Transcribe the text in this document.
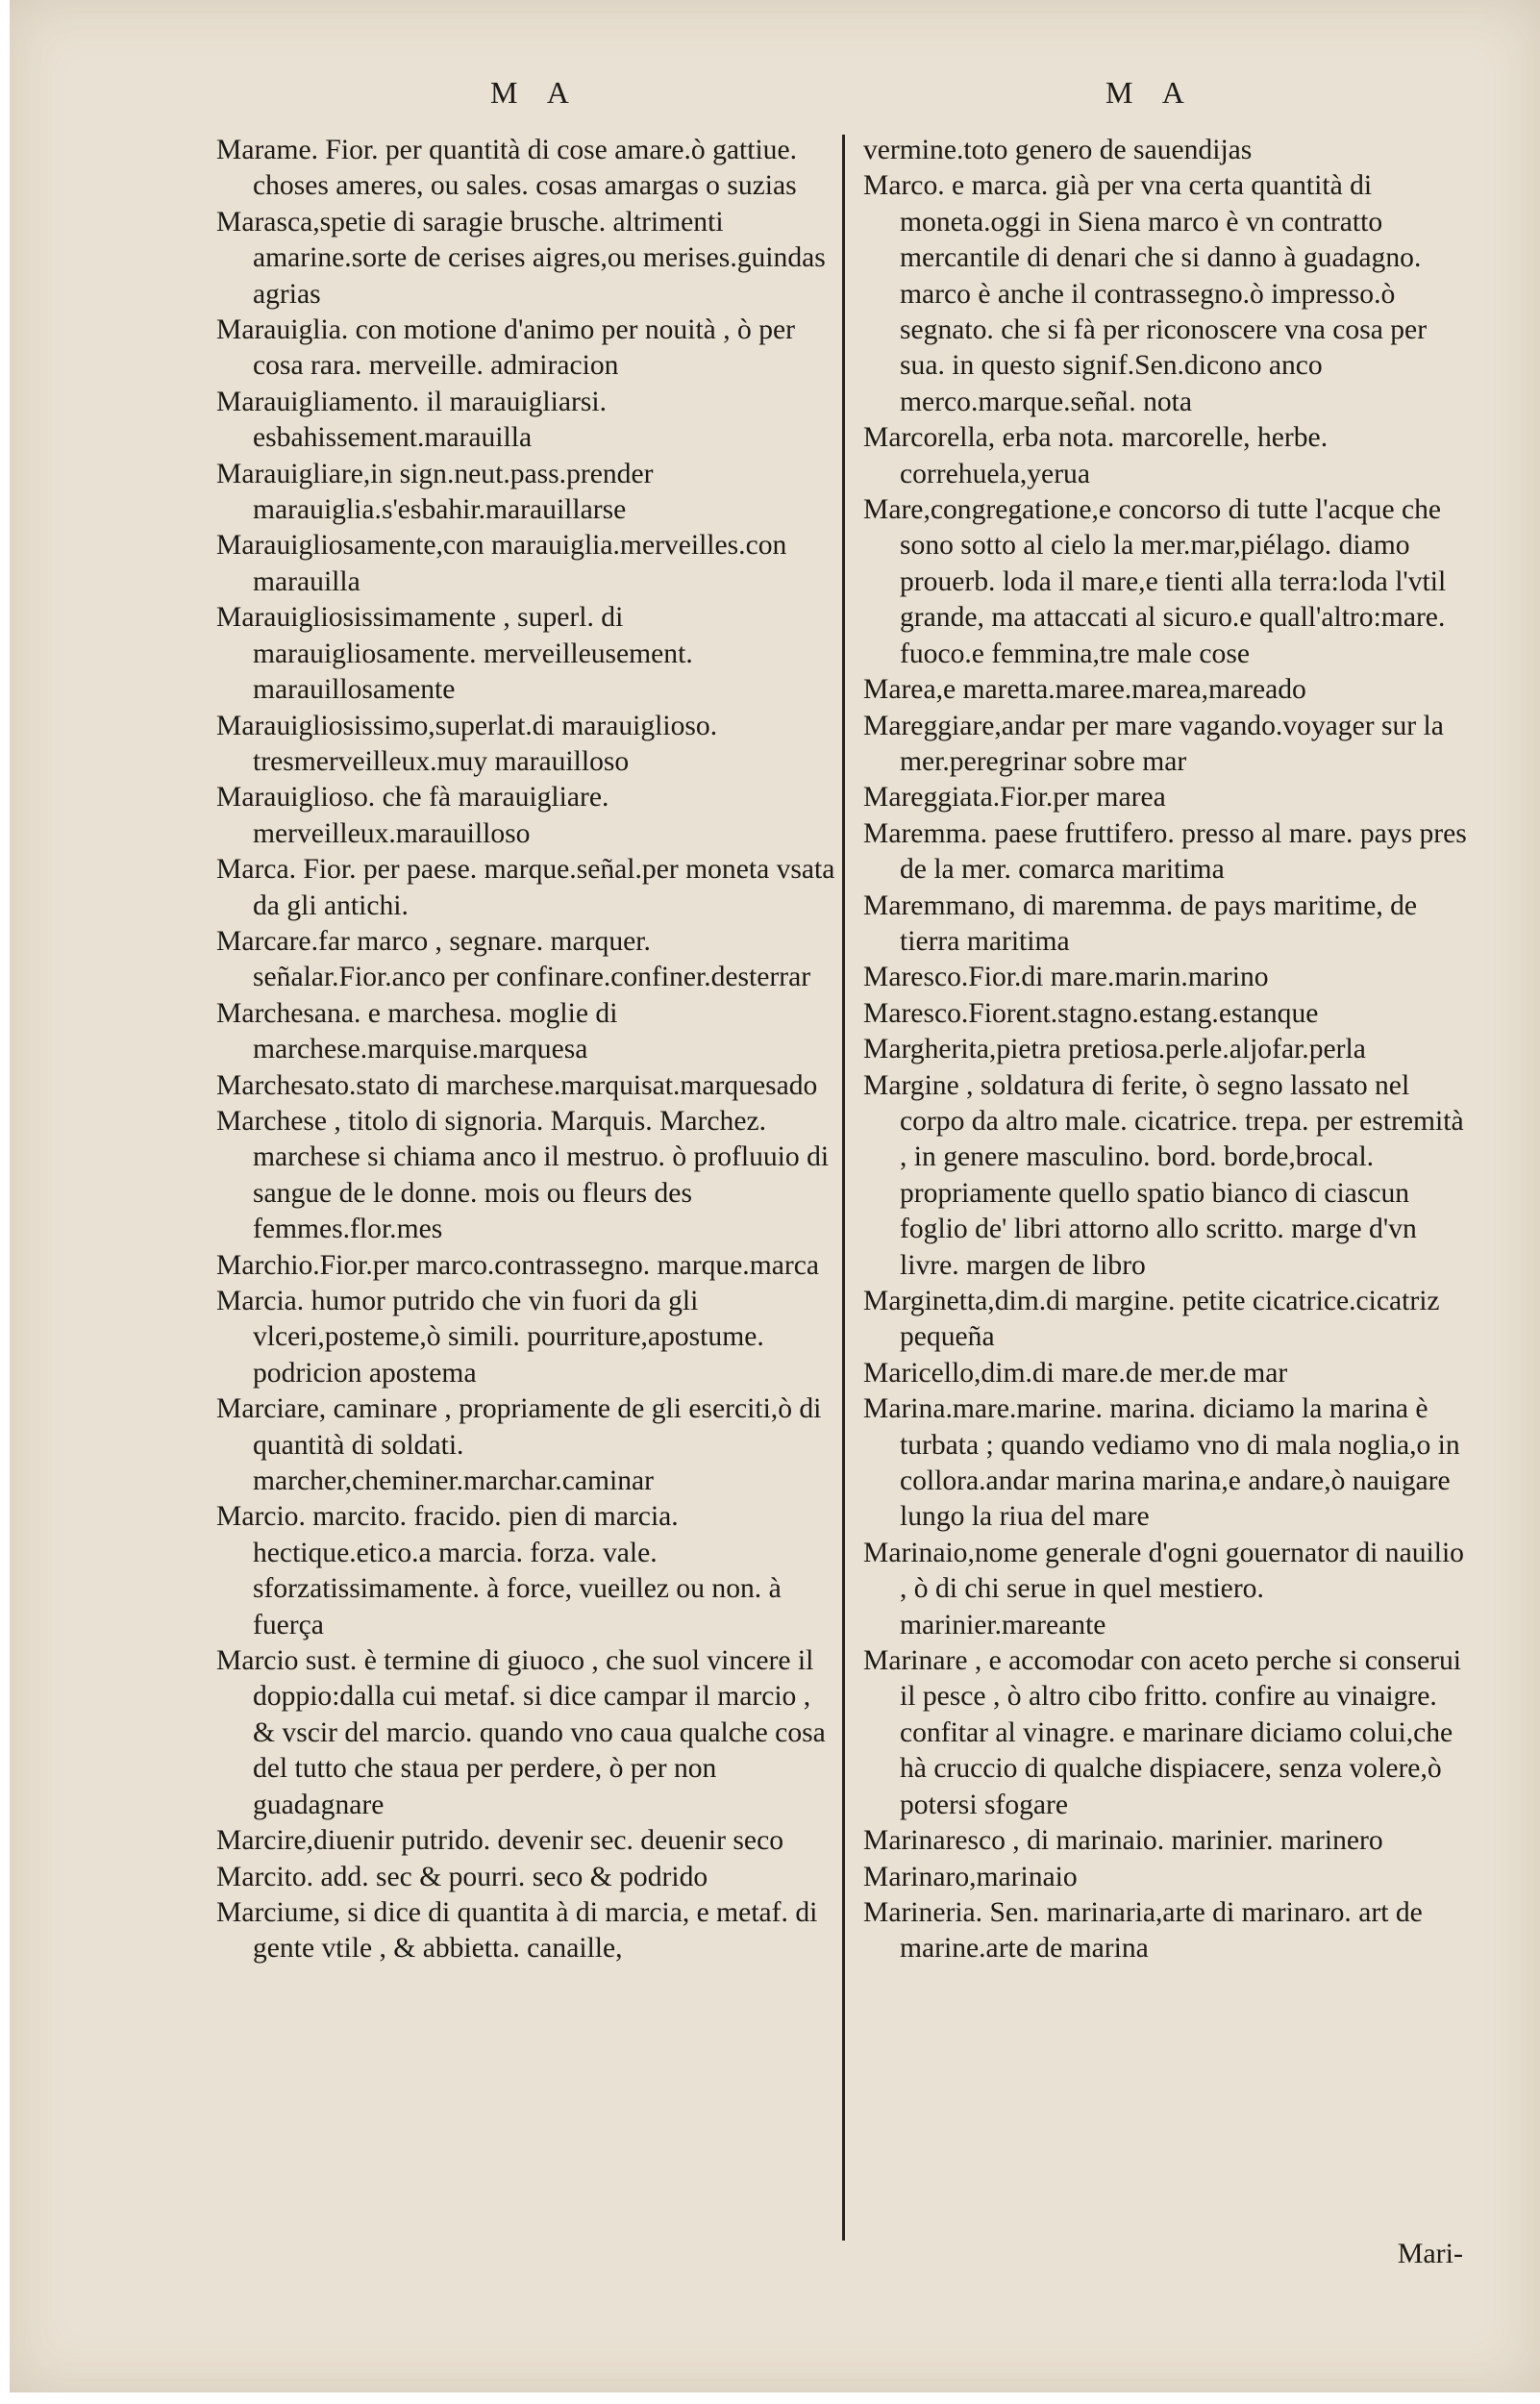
M A	M A

Marame. Fior. per quantità di cose amare.ò gattiue. choses ameres, ou sales. cosas amargas o suzias

Marasca,spetie di saragie brusche. altrimenti amarine.sorte de cerises aigres,ou merises.guindas agrias

Marauiglia. con motione d'animo per nouità , ò per cosa rara. merveille. admiracion

Marauigliamento. il marauigliarsi. esbahissement.marauilla

Marauigliare,in sign.neut.pass.prender marauiglia.s'esbahir.marauillarse

Marauigliosamente,con marauiglia.merveilles.con marauilla

Marauigliosissimamente , superl. di marauigliosamente. merveilleusement. marauillosamente

Marauigliosissimo,superlat.di marauiglioso. tresmerveilleux.muy marauilloso

Marauiglioso. che fà marauigliare. merveilleux.marauilloso

Marca. Fior. per paese. marque.señal.per moneta vsata da gli antichi.

Marcare.far marco , segnare. marquer. señalar.Fior.anco per confinare.confiner.desterrar

Marchesana. e marchesa. moglie di marchese.marquise.marquesa

Marchesato.stato di marchese.marquisat.marquesado

Marchese , titolo di signoria. Marquis. Marchez. marchese si chiama anco il mestruo. ò profluuio di sangue de le donne. mois ou fleurs des femmes.flor.mes

Marchio.Fior.per marco.contrassegno. marque.marca

Marcia. humor putrido che vin fuori da gli vlceri,posteme,ò simili. pourriture,apostume. podricion apostema

Marciare, caminare , propriamente de gli eserciti,ò di quantità di soldati. marcher,cheminer.marchar.caminar

Marcio. marcito. fracido. pien di marcia. hectique.etico.a marcia. forza. vale. sforzatissimamente. à force, vueillez ou non. à fuerça

Marcio sust. è termine di giuoco , che suol vincere il doppio:dalla cui metaf. si dice campar il marcio , & vscir del marcio. quando vno caua qualche cosa del tutto che staua per perdere, ò per non guadagnare

Marcire,diuenir putrido. devenir sec. deuenir seco

Marcito. add. sec & pourri. seco & podrido

Marciume, si dice di quantita à di marcia, e metaf. di gente vtile , & abbietta. canaille,

vermine.toto genero de sauendijas

Marco. e marca. già per vna certa quantità di moneta.oggi in Siena marco è vn contratto mercantile di denari che si danno à guadagno. marco è anche il contrassegno.ò impresso.ò segnato. che si fà per riconoscere vna cosa per sua. in questo signif.Sen.dicono anco merco.marque.señal. nota

Marcorella, erba nota. marcorelle, herbe. correhuela,yerua

Mare,congregatione,e concorso di tutte l'acque che sono sotto al cielo la mer.mar,piélago. diamo prouerb. loda il mare,e tienti alla terra:loda l'vtil grande, ma attaccati al sicuro.e quall'altro:mare. fuoco.e femmina,tre male cose

Marea,e maretta.maree.marea,mareado

Mareggiare,andar per mare vagando.voyager sur la mer.peregrinar sobre mar

Mareggiata.Fior.per marea

Maremma. paese fruttifero. presso al mare. pays pres de la mer. comarca maritima

Maremmano, di maremma. de pays maritime, de tierra maritima

Maresco.Fior.di mare.marin.marino

Maresco.Fiorent.stagno.estang.estanque

Margherita,pietra pretiosa.perle.aljofar.perla

Margine , soldatura di ferite, ò segno lassato nel corpo da altro male. cicatrice. trepa. per estremità , in genere masculino. bord. borde,brocal. propriamente quello spatio bianco di ciascun foglio de' libri attorno allo scritto. marge d'vn livre. margen de libro

Marginetta,dim.di margine. petite cicatrice.cicatriz pequeña

Maricello,dim.di mare.de mer.de mar

Marina.mare.marine. marina. diciamo la marina è turbata ; quando vediamo vno di mala noglia,o in collora.andar marina marina,e andare,ò nauigare lungo la riua del mare

Marinaio,nome generale d'ogni gouernator di nauilio , ò di chi serue in quel mestiero. marinier.mareante

Marinare , e accomodar con aceto perche si conserui il pesce , ò altro cibo fritto. confire au vinaigre. confitar al vinagre. e marinare diciamo colui,che hà cruccio di qualche dispiacere, senza volere,ò potersi sfogare

Marinaresco , di marinaio. marinier. marinero

Marinaro,marinaio

Marineria. Sen. marinaria,arte di marinaro. art de marine.arte de marina

Mari-
